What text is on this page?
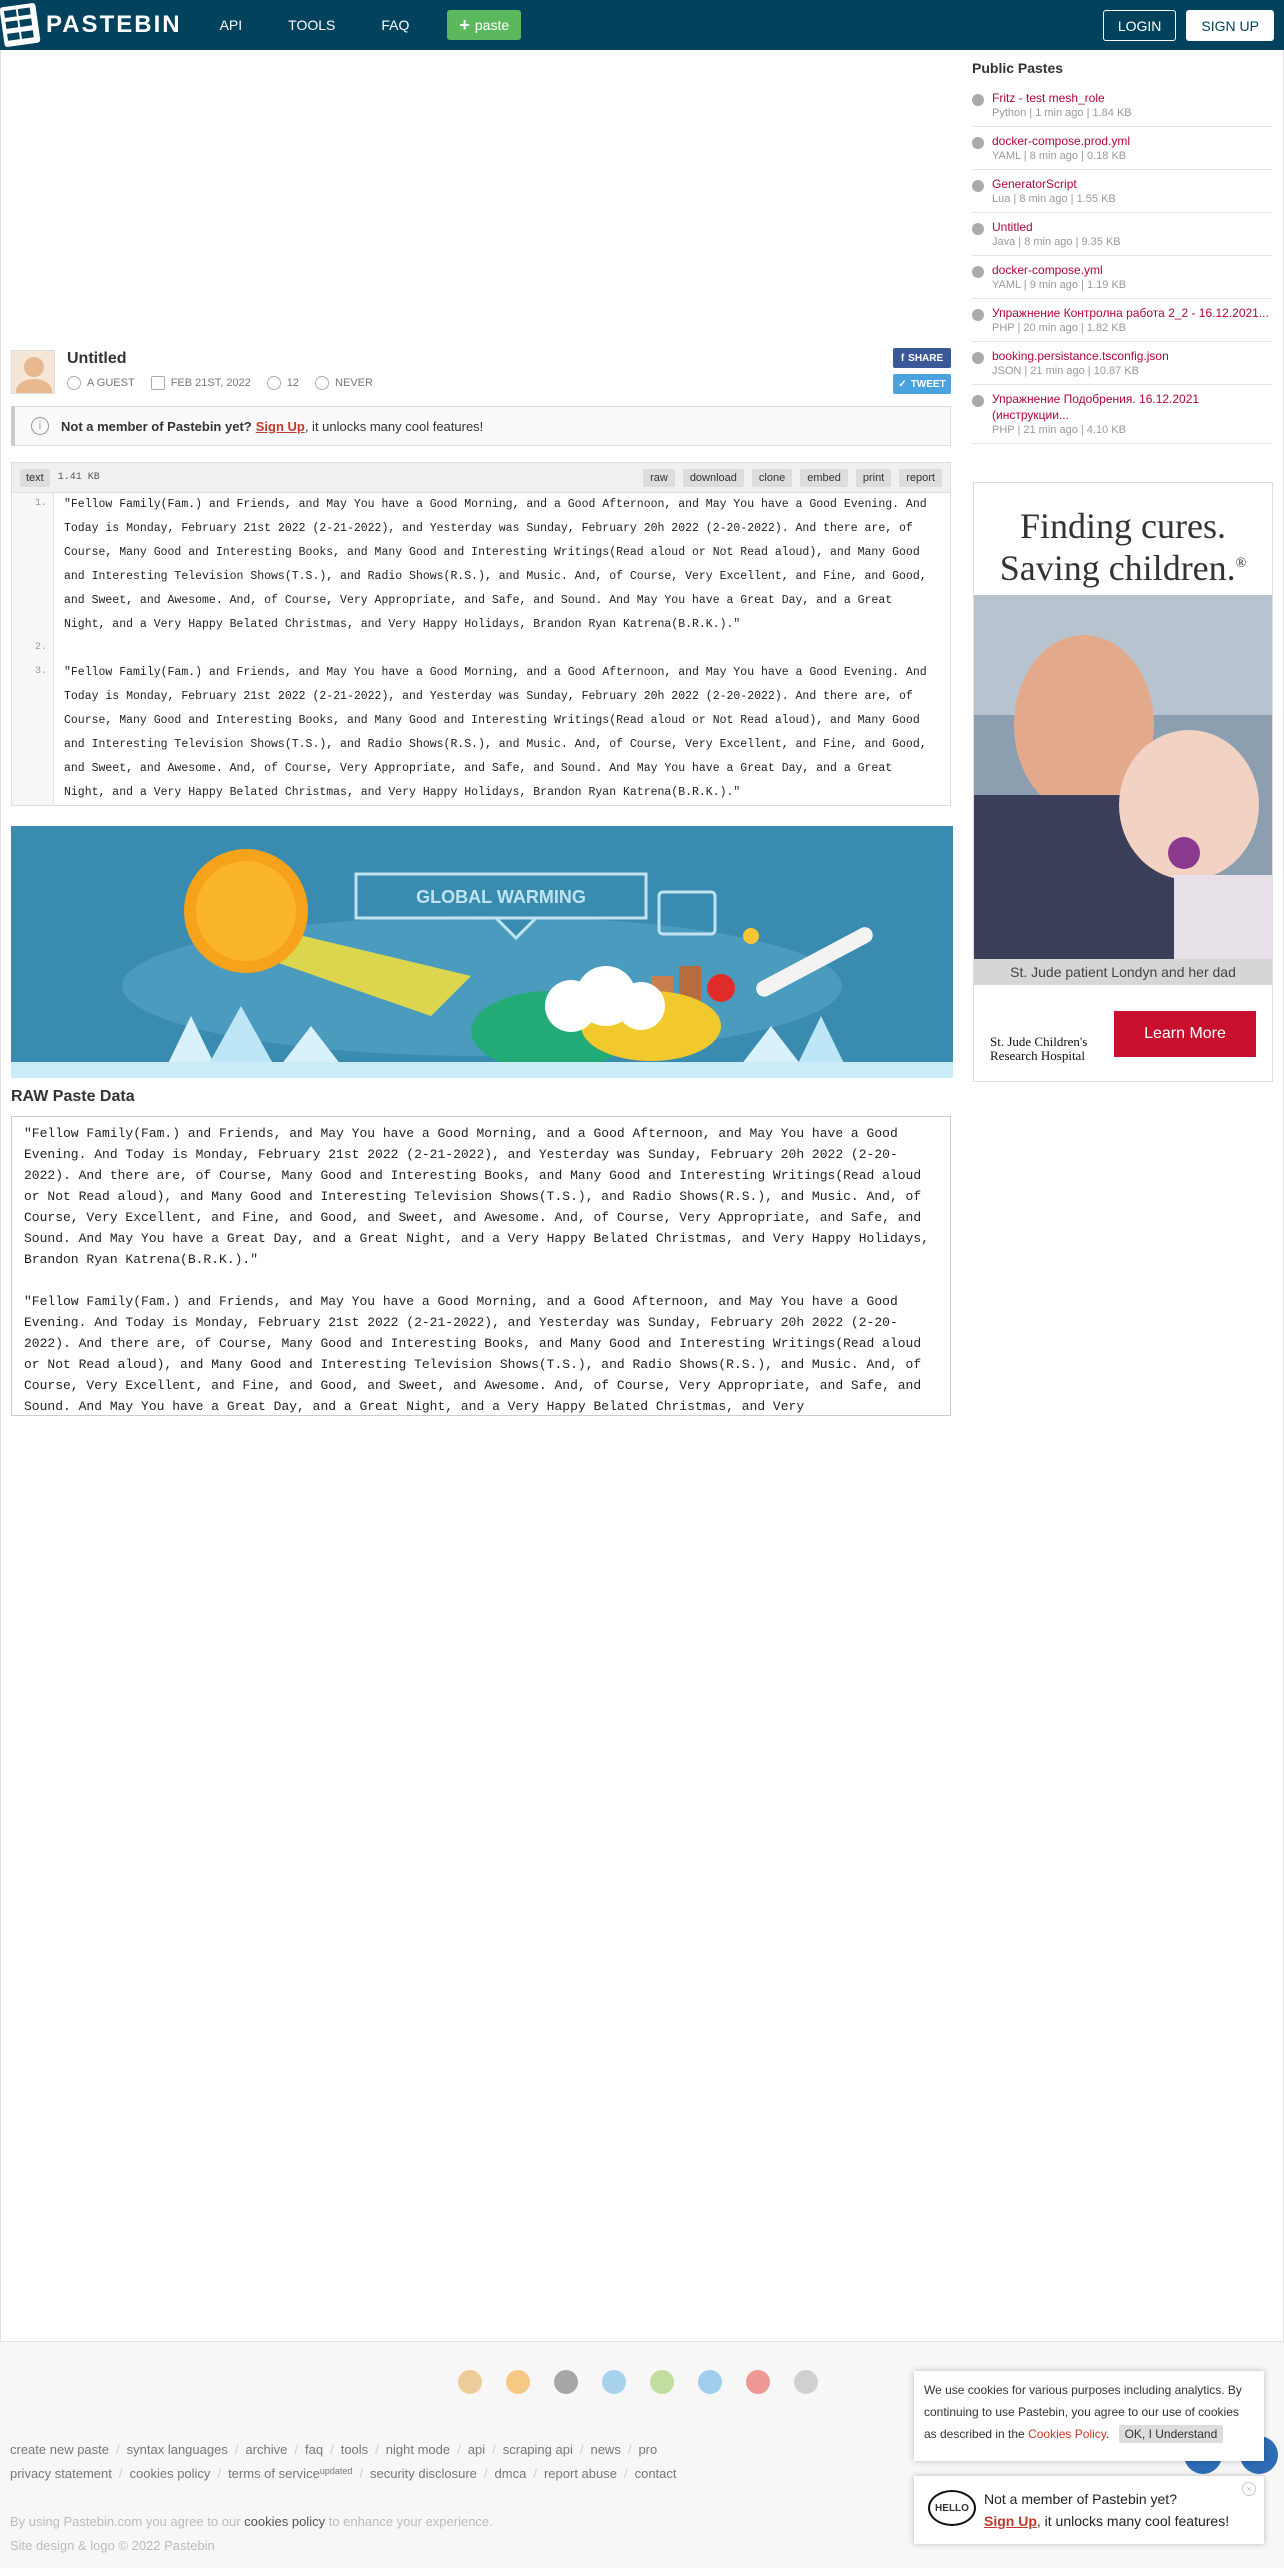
PASTEBIN	API	TOOLS	FAQ	+ paste	LOGIN	SIGN UP
Untitled
A GUEST	FEB 21ST, 2022	12	NEVER
f SHARE
✓ TWEET
i	Not a member of Pastebin yet? Sign Up , it unlocks many cool features!
text	1.41 KB	raw	download	clone	embed	print	report
1.	"Fellow Family(Fam.) and Friends, and May You have a Good Morning, and a Good Afternoon, and May You have a Good Evening. And Today is Monday, February 21st 2022 (2-21-2022), and Yesterday was Sunday, February 20h 2022 (2-20-2022). And there are, of Course, Many Good and Interesting Books, and Many Good and Interesting Writings(Read aloud or Not Read aloud), and Many Good and Interesting Television Shows(T.S.), and Radio Shows(R.S.), and Music. And, of Course, Very Excellent, and Fine, and Good, and Sweet, and Awesome. And, of Course, Very Appropriate, and Safe, and Sound. And May You have a Great Day, and a Great Night, and a Very Happy Belated Christmas, and Very Happy Holidays, Brandon Ryan Katrena(B.R.K.)."
2.
3.	"Fellow Family(Fam.) and Friends, and May You have a Good Morning, and a Good Afternoon, and May You have a Good Evening. And Today is Monday, February 21st 2022 (2-21-2022), and Yesterday was Sunday, February 20h 2022 (2-20-2022). And there are, of Course, Many Good and Interesting Books, and Many Good and Interesting Writings(Read aloud or Not Read aloud), and Many Good and Interesting Television Shows(T.S.), and Radio Shows(R.S.), and Music. And, of Course, Very Excellent, and Fine, and Good, and Sweet, and Awesome. And, of Course, Very Appropriate, and Safe, and Sound. And May You have a Great Day, and a Great Night, and a Very Happy Belated Christmas, and Very Happy Holidays, Brandon Ryan Katrena(B.R.K.)."
GLOBAL WARMING
RAW Paste Data

"Fellow Family(Fam.) and Friends, and May You have a Good Morning, and a Good Afternoon, and May You have a Good Evening. And Today is Monday, February 21st 2022 (2-21-2022), and Yesterday was Sunday, February 20h 2022 (2-20-2022). And there are, of Course, Many Good and Interesting Books, and Many Good and Interesting Writings(Read aloud or Not Read aloud), and Many Good and Interesting Television Shows(T.S.), and Radio Shows(R.S.), and Music. And, of Course, Very Excellent, and Fine, and Good, and Sweet, and Awesome. And, of Course, Very Appropriate, and Safe, and Sound. And May You have a Great Day, and a Great Night, and a Very Happy Belated Christmas, and Very Happy Holidays, Brandon Ryan Katrena(B.R.K.)."

"Fellow Family(Fam.) and Friends, and May You have a Good Morning, and a Good Afternoon, and May You have a Good Evening. And Today is Monday, February 21st 2022 (2-21-2022), and Yesterday was Sunday, February 20h 2022 (2-20-2022). And there are, of Course, Many Good and Interesting Books, and Many Good and Interesting Writings(Read aloud or Not Read aloud), and Many Good and Interesting Television Shows(T.S.), and Radio Shows(R.S.), and Music. And, of Course, Very Excellent, and Fine, and Good, and Sweet, and Awesome. And, of Course, Very Appropriate, and Safe, and Sound. And May You have a Great Day, and a Great Night, and a Very Happy Belated Christmas, and Very

Public Pastes
Fritz - test mesh_role
Python | 1 min ago | 1.84 KB
docker-compose.prod.yml
YAML | 8 min ago | 0.18 KB
GeneratorScript
Lua | 8 min ago | 1.55 KB
Untitled
Java | 8 min ago | 9.35 KB
docker-compose.yml
YAML | 9 min ago | 1.19 KB
Упражнение Контролна работа 2_2 - 16.12.2021...
PHP | 20 min ago | 1.82 KB
booking.persistance.tsconfig.json
JSON | 21 min ago | 10.87 KB
Упражнение Подобрения. 16.12.2021 (инструкции...
PHP | 21 min ago | 4.10 KB
Finding cures.
Saving children.®
St. Jude patient Londyn and her dad
St. Jude Children's
Research Hospital
Learn More
create new paste / syntax languages / archive / faq / tools / night mode / api / scraping api / news / pro
privacy statement / cookies policy / terms of service updated / security disclosure / dmca / report abuse / contact
By using Pastebin.com you agree to our cookies policy to enhance your experience.
Site design & logo © 2022 Pastebin
We use cookies for various purposes including analytics. By continuing to use Pastebin, you agree to our use of cookies as described in the Cookies Policy. OK, I Understand
HELLO
Not a member of Pastebin yet?
Sign Up, it unlocks many cool features!
×
